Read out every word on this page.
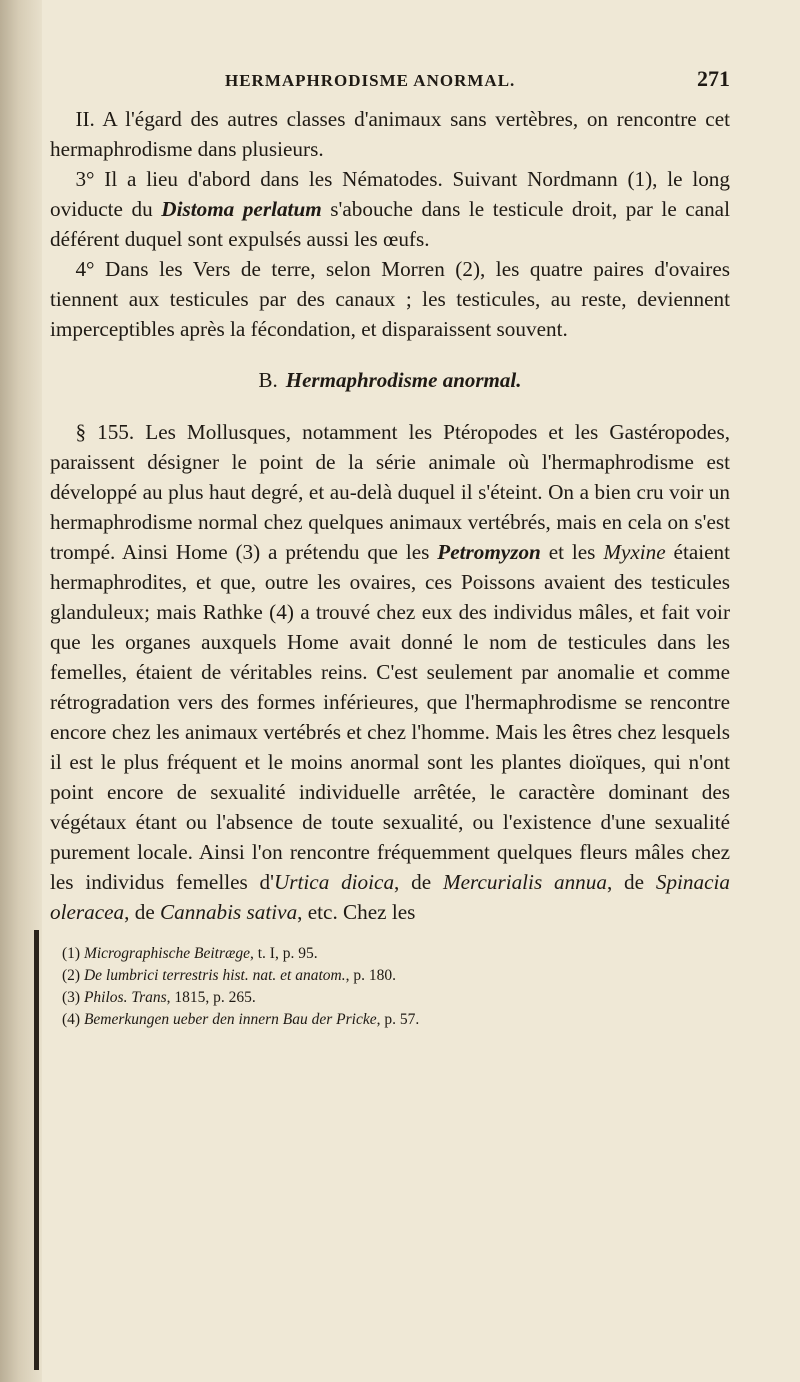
HERMAPHRODISME ANORMAL.	271

II. A l'égard des autres classes d'animaux sans vertèbres, on rencontre cet hermaphrodisme dans plusieurs.

3° Il a lieu d'abord dans les Nématodes. Suivant Nordmann (1), le long oviducte du Distoma perlatum s'abouche dans le testicule droit, par le canal déférent duquel sont expulsés aussi les œufs.

4° Dans les Vers de terre, selon Morren (2), les quatre paires d'ovaires tiennent aux testicules par des canaux ; les testicules, au reste, deviennent imperceptibles après la fécondation, et disparaissent souvent.

B. Hermaphrodisme anormal.

§ 155. Les Mollusques, notamment les Ptéropodes et les Gastéropodes, paraissent désigner le point de la série animale où l'hermaphrodisme est développé au plus haut degré, et au-delà duquel il s'éteint. On a bien cru voir un hermaphrodisme normal chez quelques animaux vertébrés, mais en cela on s'est trompé. Ainsi Home (3) a prétendu que les Petromyzon et les Myxine étaient hermaphrodites, et que, outre les ovaires, ces Poissons avaient des testicules glanduleux; mais Rathke (4) a trouvé chez eux des individus mâles, et fait voir que les organes auxquels Home avait donné le nom de testicules dans les femelles, étaient de véritables reins. C'est seulement par anomalie et comme rétrogradation vers des formes inférieures, que l'hermaphrodisme se rencontre encore chez les animaux vertébrés et chez l'homme. Mais les êtres chez lesquels il est le plus fréquent et le moins anormal sont les plantes dioïques, qui n'ont point encore de sexualité individuelle arrêtée, le caractère dominant des végétaux étant ou l'absence de toute sexualité, ou l'existence d'une sexualité purement locale. Ainsi l'on rencontre fréquemment quelques fleurs mâles chez les individus femelles d'Urtica dioica, de Mercurialis annua, de Spinacia oleracea, de Cannabis sativa, etc. Chez les

(1) Micrographische Beitræge, t. I, p. 95.
(2) De lumbrici terrestris hist. nat. et anatom., p. 180.
(3) Philos. Trans, 1815, p. 265.
(4) Bemerkungen ueber den innern Bau der Pricke, p. 57.
